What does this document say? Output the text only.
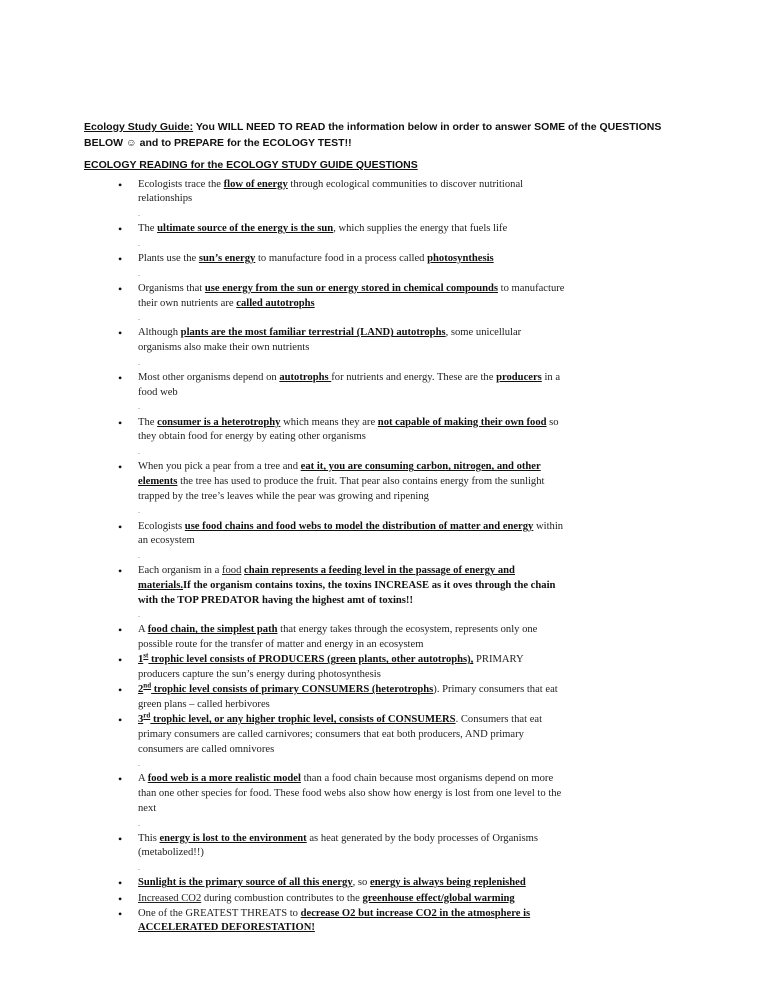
Ecology Study Guide: You WILL NEED TO READ the information below in order to answer SOME of the QUESTIONS BELOW ☺ and to PREPARE for the ECOLOGY TEST!!
ECOLOGY READING for the ECOLOGY STUDY GUIDE QUESTIONS
• Ecologists trace the flow of energy through ecological communities to discover nutritional relationships
.
• The ultimate source of the energy is the sun, which supplies the energy that fuels life
.
• Plants use the sun’s energy to manufacture food in a process called photosynthesis
.
• Organisms that use energy from the sun or energy stored in chemical compounds to manufacture their own nutrients are called autotrophs
.
• Although plants are the most familiar terrestrial (LAND) autotrophs, some unicellular organisms also make their own nutrients
.
• Most other organisms depend on autotrophs for nutrients and energy. These are the producers in a food web
.
• The consumer is a heterotrophy which means they are not capable of making their own food so they obtain food for energy by eating other organisms
.
• When you pick a pear from a tree and eat it, you are consuming carbon, nitrogen, and other elements the tree has used to produce the fruit. That pear also contains energy from the sunlight trapped by the tree’s leaves while the pear was growing and ripening
.
• Ecologists use food chains and food webs to model the distribution of matter and energy within an ecosystem
.
• Each organism in a food chain represents a feeding level in the passage of energy and materials.If the organism contains toxins, the toxins INCREASE as it oves through the chain with the TOP PREDATOR having the highest amt of toxins!!
.
• A food chain, the simplest path that energy takes through the ecosystem, represents only one possible route for the transfer of matter and energy in an ecosystem
• 1st trophic level consists of PRODUCERS (green plants, other autotrophs), PRIMARY producers capture the sun’s energy during photosynthesis
• 2nd trophic level consists of primary CONSUMERS (heterotrophs). Primary consumers that eat green plans – called herbivores
• 3rd trophic level, or any higher trophic level, consists of CONSUMERS. Consumers that eat primary consumers are called carnivores; consumers that eat both producers, AND primary consumers are called omnivores
.
• A food web is a more realistic model than a food chain because most organisms depend on more than one other species for food. These food webs also show how energy is lost from one level to the next
.
• This energy is lost to the environment as heat generated by the body processes of Organisms (metabolized!!)
.
• Sunlight is the primary source of all this energy, so energy is always being replenished
• Increased CO2 during combustion contributes to the greenhouse effect/global warming
• One of the GREATEST THREATS to decrease O2 but increase CO2 in the atmosphere is ACCELERATED DEFORESTATION!
